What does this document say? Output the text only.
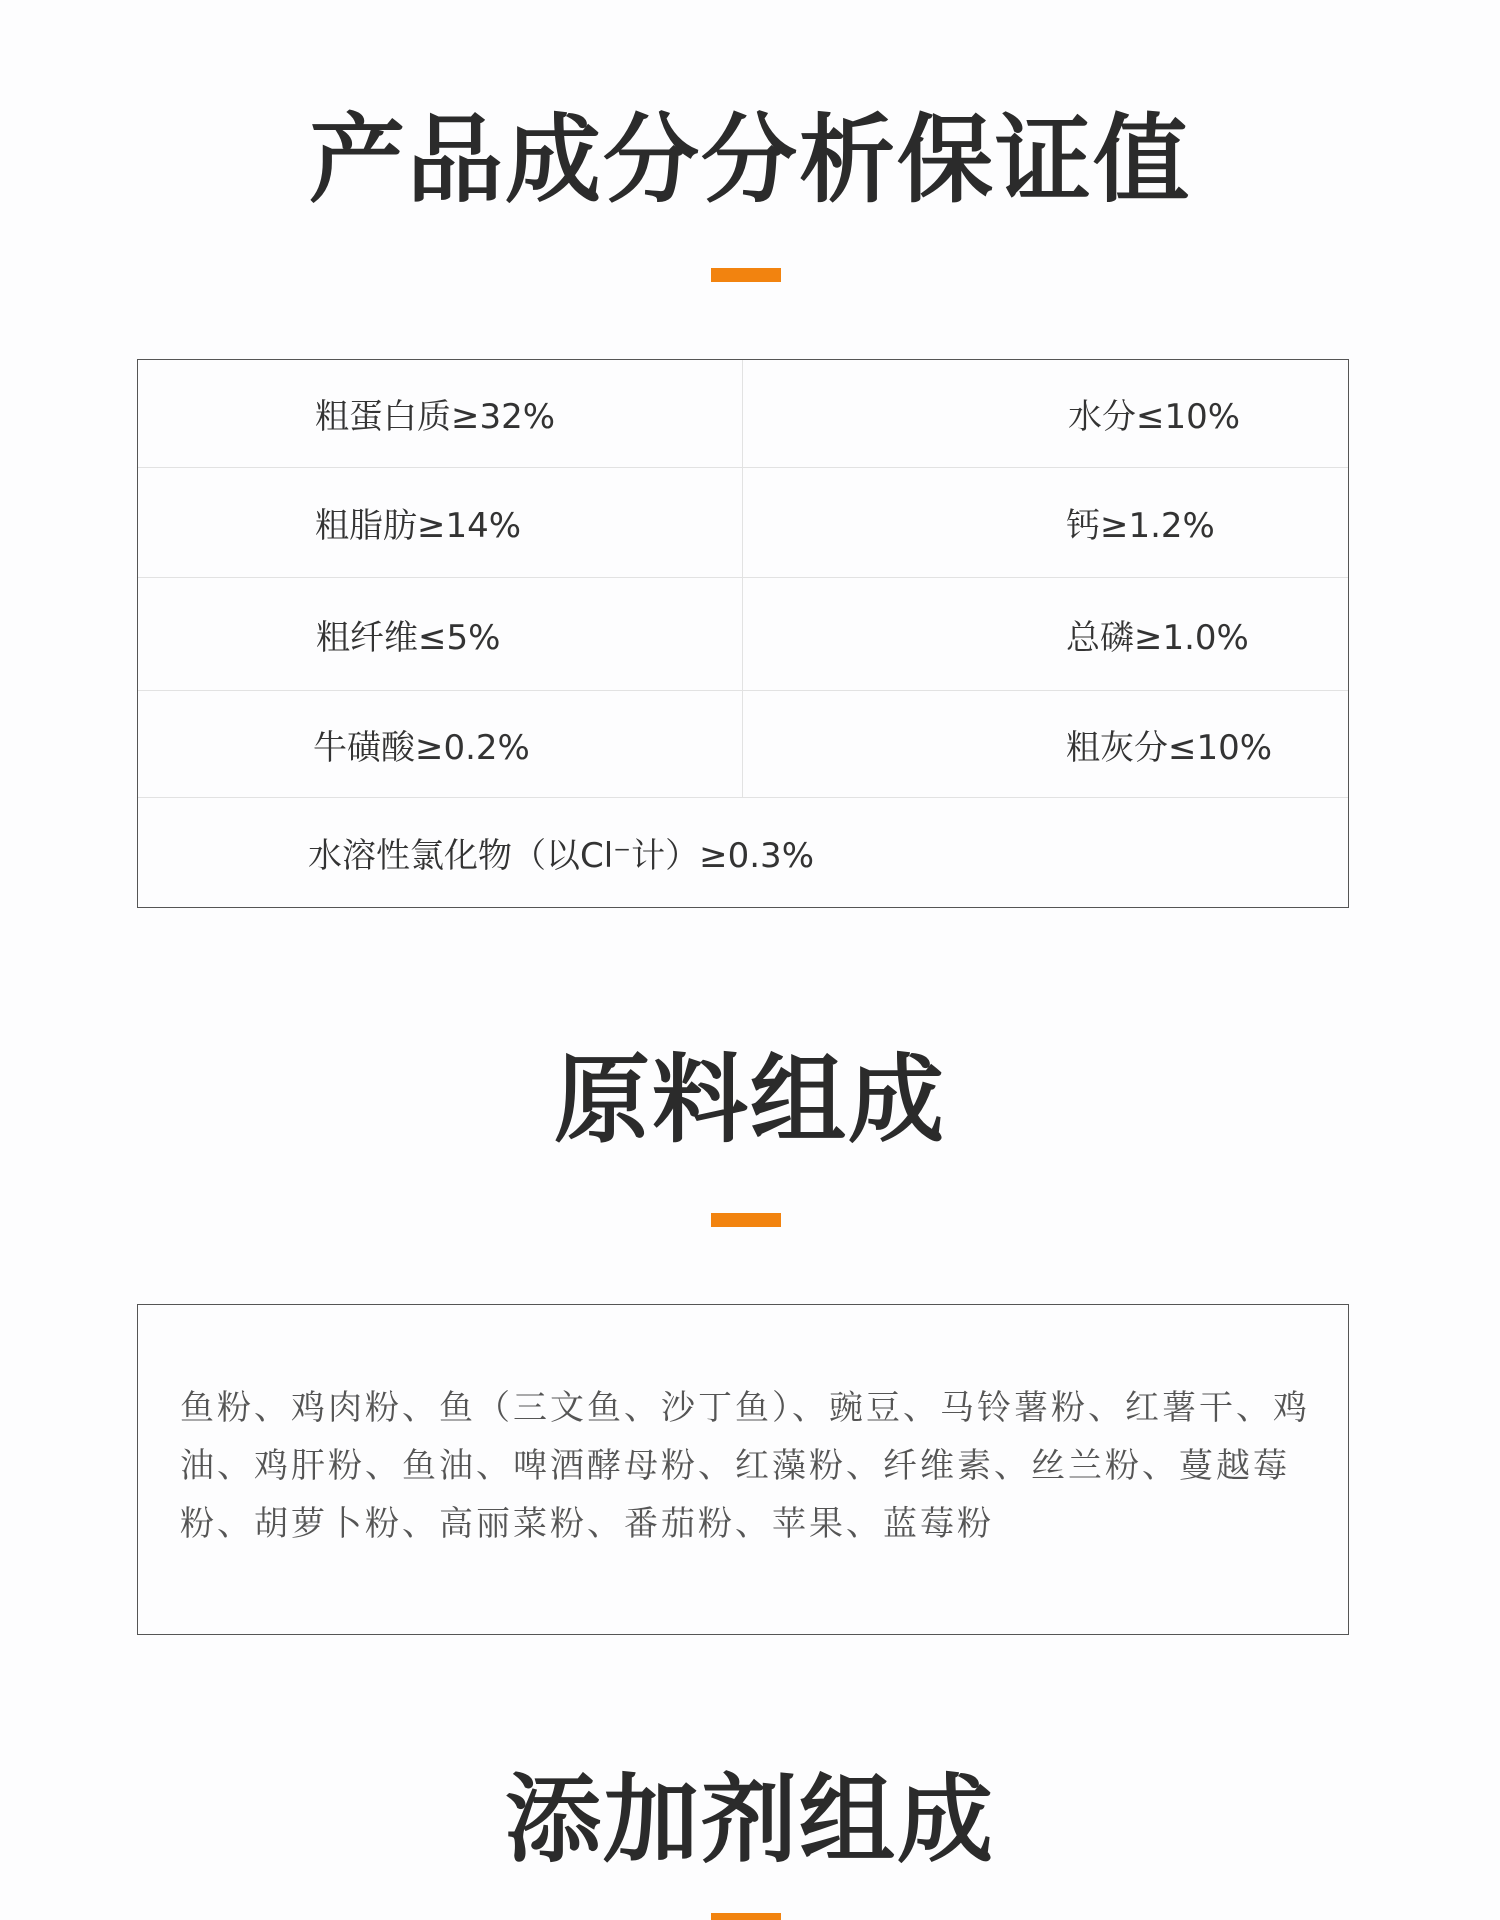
产品成分分析保证值
粗蛋白质≥32%	水分≤10%
粗脂肪≥14%	钙≥1.2%
粗纤维≤5%	总磷≥1.0%
牛磺酸≥0.2%	粗灰分≤10%
水溶性氯化物（以Cl⁻计）≥0.3%
原料组成
鱼粉、鸡肉粉、鱼（三文鱼、沙丁鱼）、豌豆、马铃薯粉、红薯干、鸡油、鸡肝粉、鱼油、啤酒酵母粉、红藻粉、纤维素、丝兰粉、蔓越莓粉、胡萝卜粉、高丽菜粉、番茄粉、苹果、蓝莓粉
添加剂组成
